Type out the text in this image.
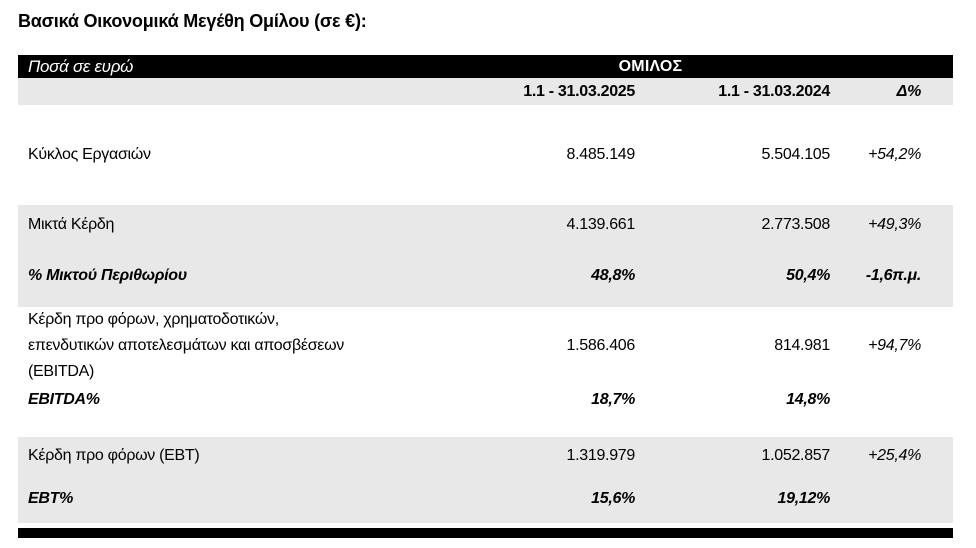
Βασικά Οικονομικά Μεγέθη Ομίλου (σε €):
Ποσά σε ευρώ	ΟΜΙΛΟΣ		
	1.1 - 31.03.2025	1.1 - 31.03.2024	Δ%
Κύκλος Εργασιών	8.485.149	5.504.105	+54,2%
Μικτά Κέρδη	4.139.661	2.773.508	+49,3%
% Μικτού Περιθωρίου	48,8%	50,4%	-1,6π.μ.

Κέρδη προ φόρων, χρηματοδοτικών,
επενδυτικών αποτελεσμάτων και αποσβέσεων
(EBITDA)	1.586.406	814.981	+94,7%
EBITDA%	18,7%	14,8%	

Κέρδη προ φόρων (EBT)	1.319.979	1.052.857	+25,4%
EBT%	15,6%	19,12%	
